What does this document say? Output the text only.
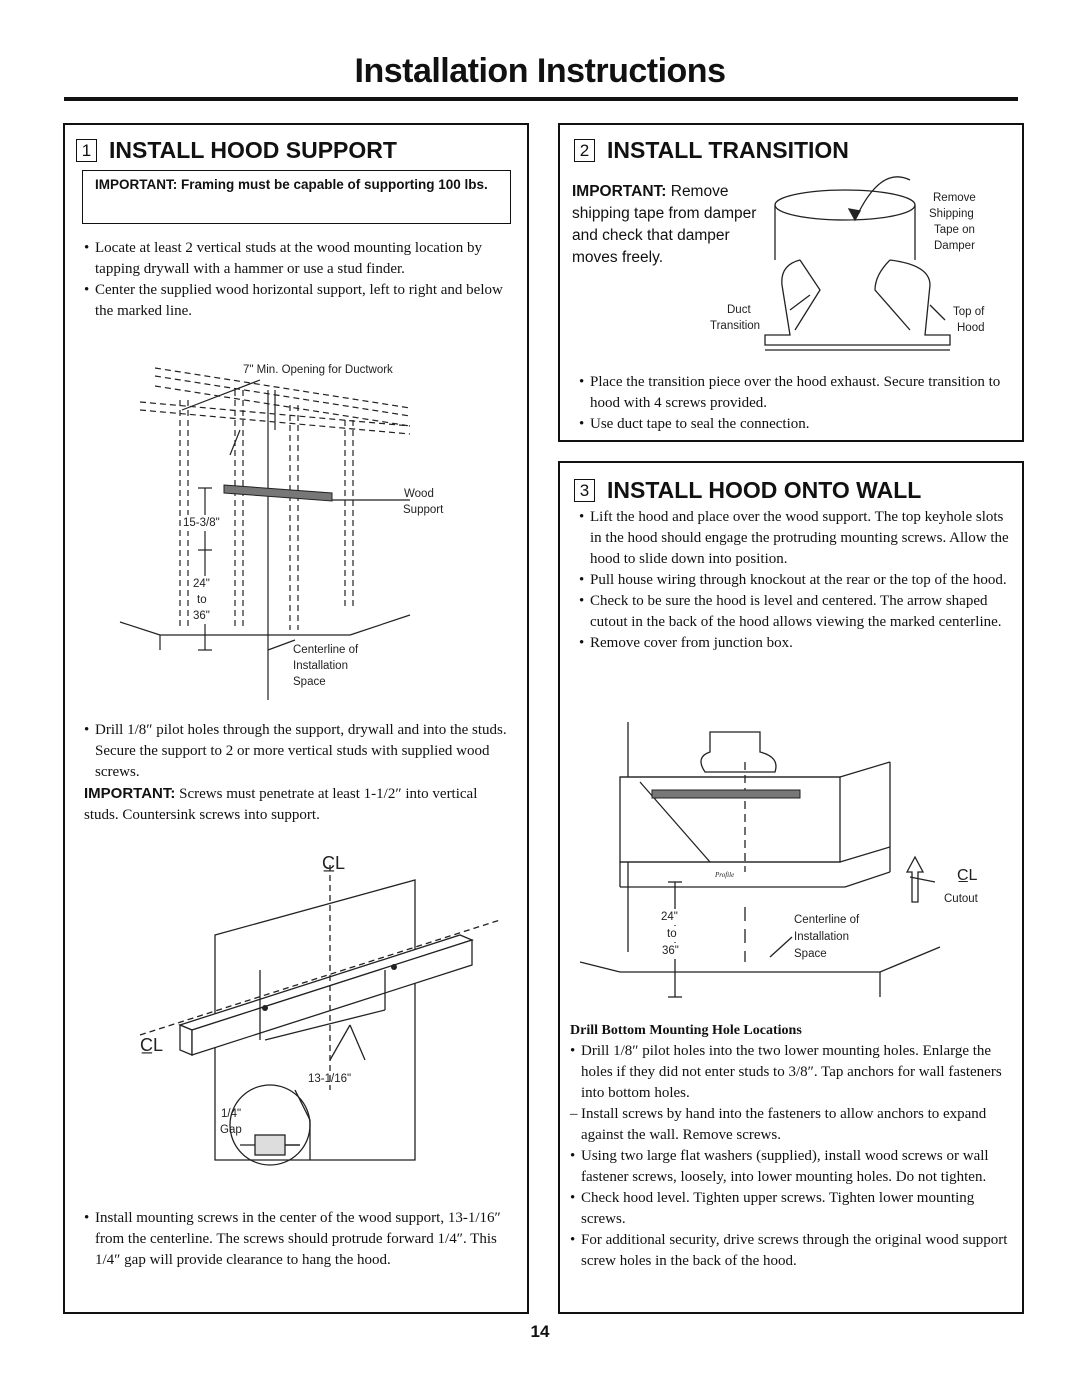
Installation Instructions
1 INSTALL HOOD SUPPORT
IMPORTANT: Framing must be capable of supporting 100 lbs.
• Locate at least 2 vertical studs at the wood mounting location by tapping drywall with a hammer or use a stud finder.
• Center the supplied wood horizontal support, left to right and below the marked line.
7" Min. Opening for Ductwork
Wood
Support
15-3/8"
24"
to
36"
Centerline of
Installation
Space
• Drill 1/8″ pilot holes through the support, drywall and into the studs. Secure the support to 2 or more vertical studs with supplied wood screws.
IMPORTANT: Screws must penetrate at least 1-1/2″ into vertical studs. Countersink screws into support.
C̲L
C̲L
13-1/16"
1/4"
Gap
• Install mounting screws in the center of the wood support, 13-1/16″ from the centerline. The screws should protrude forward 1/4″. This 1/4″ gap will provide clearance to hang the hood.
2 INSTALL TRANSITION
IMPORTANT: Remove shipping tape from damper and check that damper moves freely.
Remove
Shipping
Tape on
Damper
Duct
Transition
Top of
Hood
• Place the transition piece over the hood exhaust. Secure transition to hood with 4 screws provided.
• Use duct tape to seal the connection.
3 INSTALL HOOD ONTO WALL
• Lift the hood and place over the wood support. The top keyhole slots in the hood should engage the protruding mounting screws. Allow the hood to slide down into position.
• Pull house wiring through knockout at the rear or the top of the hood.
• Check to be sure the hood is level and centered. The arrow shaped cutout in the back of the hood allows viewing the marked centerline.
• Remove cover from junction box.
Profile
24"
to
36"
Centerline of
Installation
Space
C̲L
Cutout
Drill Bottom Mounting Hole Locations
• Drill 1/8″ pilot holes into the two lower mounting holes. Enlarge the holes if they did not enter studs to 3/8″. Tap anchors for wall fasteners into bottom holes.
– Install screws by hand into the fasteners to allow anchors to expand against the wall. Remove screws.
• Using two large flat washers (supplied), install wood screws or wall fastener screws, loosely, into lower mounting holes. Do not tighten.
• Check hood level. Tighten upper screws. Tighten lower mounting screws.
• For additional security, drive screws through the original wood support screw holes in the back of the hood.
14
